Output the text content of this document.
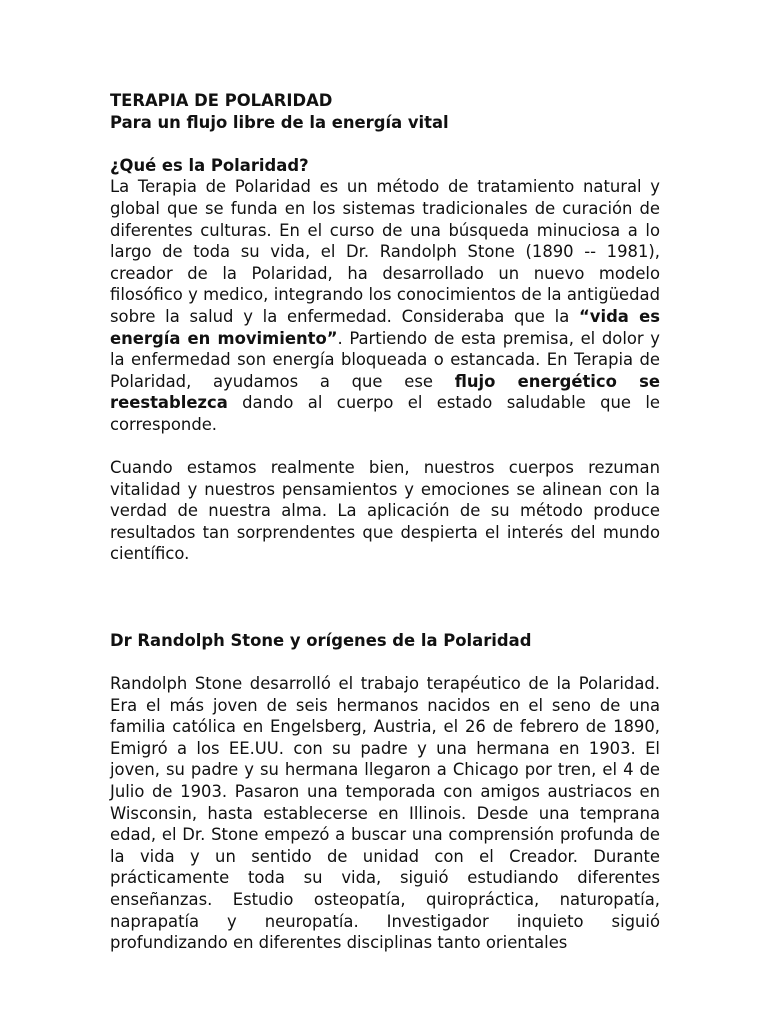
TERAPIA DE POLARIDAD

Para un flujo libre de la energía vital

¿Qué es la Polaridad?

La Terapia de Polaridad es un método de tratamiento natural y global que se funda en los sistemas tradicionales de curación de diferentes culturas. En el curso de una búsqueda minuciosa a lo largo de toda su vida, el Dr. Randolph Stone (1890 -- 1981), creador de la Polaridad, ha desarrollado un nuevo modelo filosófico y medico, integrando los conocimientos de la antigüedad sobre la salud y la enfermedad. Consideraba que la “vida es energía en movimiento”. Partiendo de esta premisa, el dolor y la enfermedad son energía bloqueada o estancada. En Terapia de Polaridad, ayudamos a que ese flujo energético se reestablezca dando al cuerpo el estado saludable que le corresponde.

Cuando estamos realmente bien, nuestros cuerpos rezuman vitalidad y nuestros pensamientos y emociones se alinean con la verdad de nuestra alma. La aplicación de su método produce resultados tan sorprendentes que despierta el interés del mundo científico.

Dr Randolph Stone y orígenes de la Polaridad

Randolph Stone desarrolló el trabajo terapéutico de la Polaridad. Era el más joven de seis hermanos nacidos en el seno de una familia católica en Engelsberg, Austria, el 26 de febrero de 1890, Emigró a los EE.UU. con su padre y una hermana en 1903. El joven, su padre y su hermana llegaron a Chicago por tren, el 4 de Julio de 1903. Pasaron una temporada con amigos austriacos en Wisconsin, hasta establecerse en Illinois. Desde una temprana edad, el Dr. Stone empezó a buscar una comprensión profunda de la vida y un sentido de unidad con el Creador. Durante prácticamente toda su vida, siguió estudiando diferentes enseñanzas. Estudio osteopatía, quiropráctica, naturopatía, naprapatía y neuropatía. Investigador inquieto siguió profundizando en diferentes disciplinas tanto orientales
